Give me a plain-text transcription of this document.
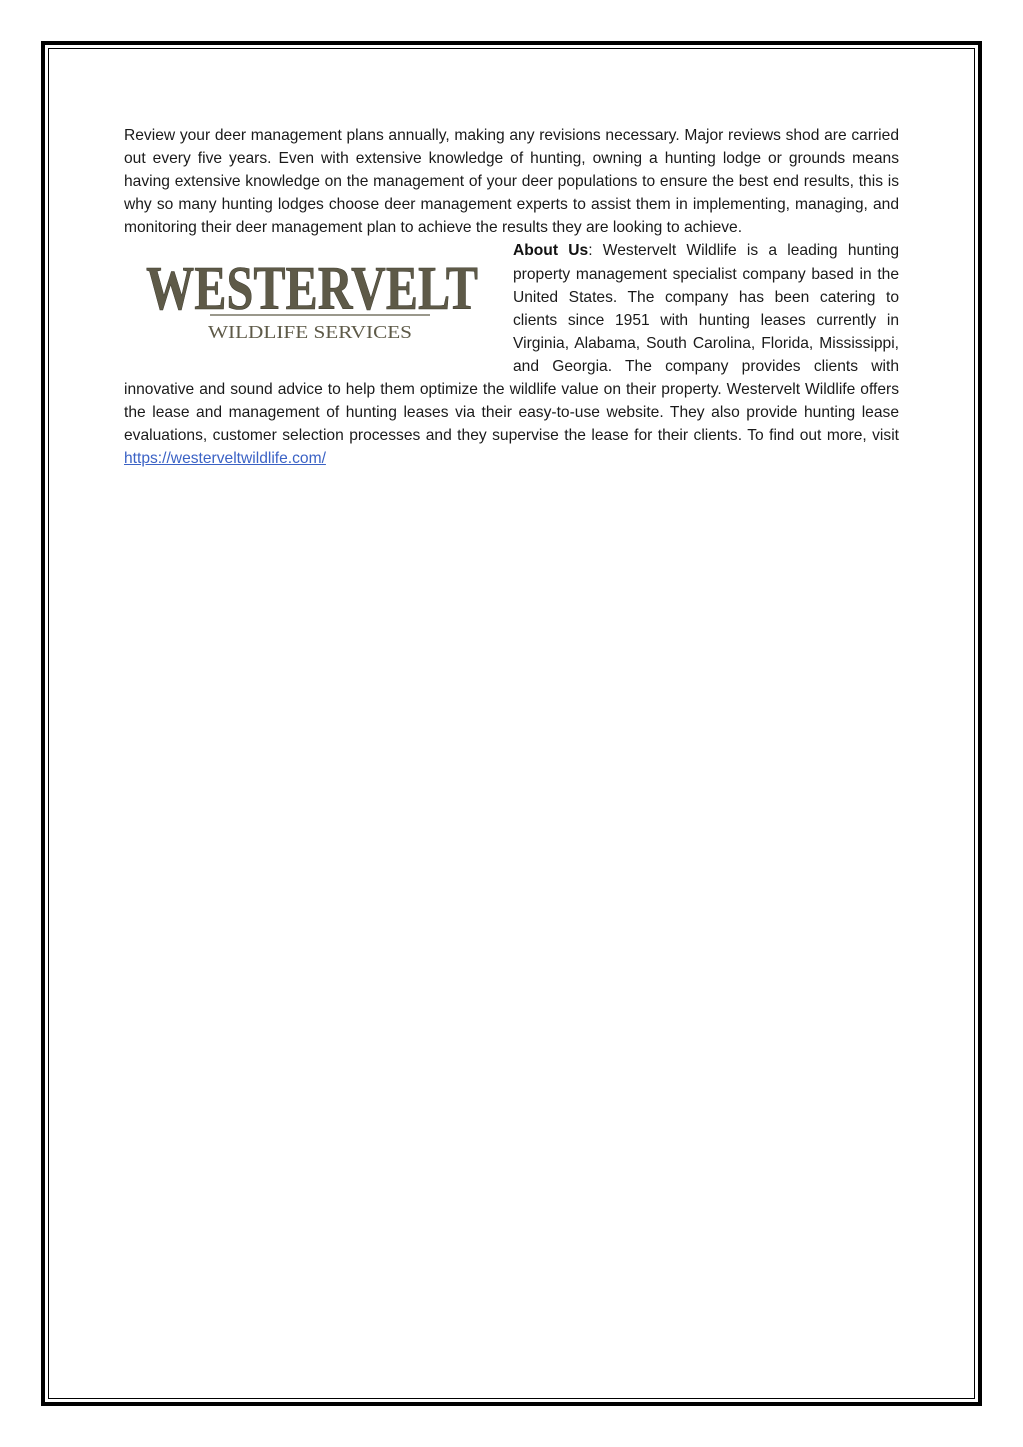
Review your deer management plans annually, making any revisions necessary. Major reviews shod are carried out every five years. Even with extensive knowledge of hunting, owning a hunting lodge or grounds means having extensive knowledge on the management of your deer populations to ensure the best end results, this is why so many hunting lodges choose deer management experts to assist them in implementing, managing, and monitoring their deer management plan to achieve the results they are looking to achieve.

WESTERVELT
WILDLIFE SERVICES

About Us: Westervelt Wildlife is a leading hunting property management specialist company based in the United States. The company has been catering to clients since 1951 with hunting leases currently in Virginia, Alabama, South Carolina, Florida, Mississippi, and Georgia. The company provides clients with innovative and sound advice to help them optimize the wildlife value on their property. Westervelt Wildlife offers the lease and management of hunting leases via their easy-to-use website. They also provide hunting lease evaluations, customer selection processes and they supervise the lease for their clients. To find out more, visit https://westerveltwildlife.com/
